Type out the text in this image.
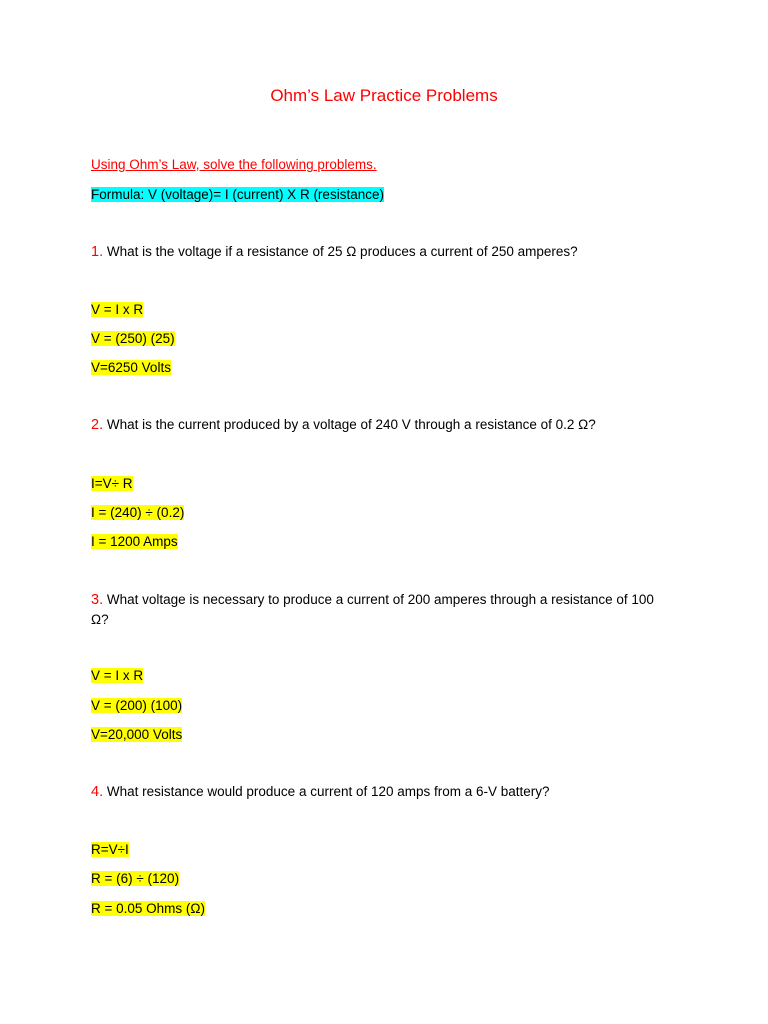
Ohm’s Law Practice Problems
Using Ohm’s Law, solve the following problems.
Formula: V (voltage)= I (current) X R (resistance)
1. What is the voltage if a resistance of 25 Ω produces a current of 250 amperes?
V = I x R
V = (250) (25)
V=6250 Volts
2. What is the current produced by a voltage of 240 V through a resistance of 0.2 Ω?
I=V÷ R
I = (240) ÷ (0.2)
I = 1200 Amps
3. What voltage is necessary to produce a current of 200 amperes through a resistance of 100 Ω?
V = I x R
V = (200) (100)
V=20,000 Volts
4. What resistance would produce a current of 120 amps from a 6-V battery?
R=V÷I
R = (6) ÷ (120)
R = 0.05 Ohms (Ω)
